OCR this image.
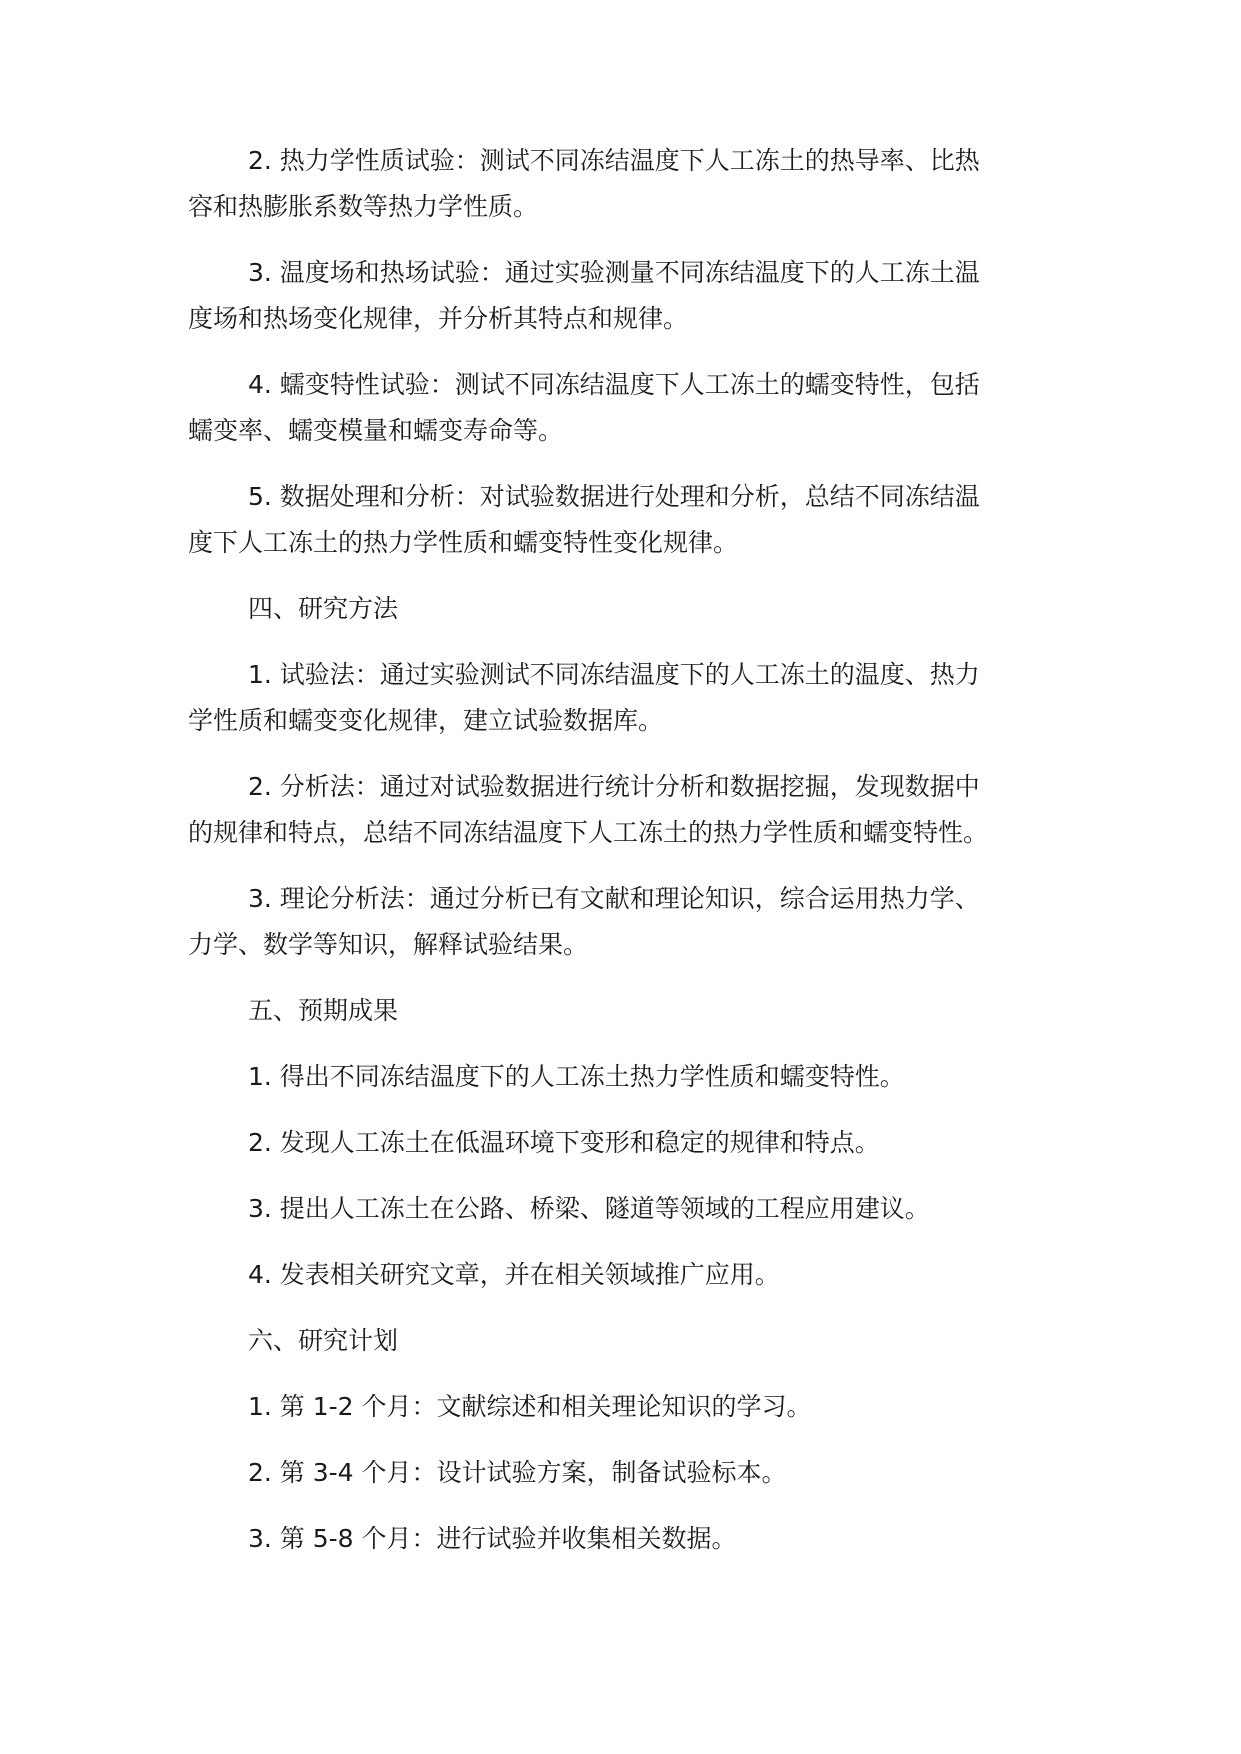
2. 热力学性质试验：测试不同冻结温度下人工冻土的热导率、比热
容和热膨胀系数等热力学性质。
3. 温度场和热场试验：通过实验测量不同冻结温度下的人工冻土温
度场和热场变化规律，并分析其特点和规律。
4. 蠕变特性试验：测试不同冻结温度下人工冻土的蠕变特性，包括
蠕变率、蠕变模量和蠕变寿命等。
5. 数据处理和分析：对试验数据进行处理和分析，总结不同冻结温
度下人工冻土的热力学性质和蠕变特性变化规律。
四、研究方法
1. 试验法：通过实验测试不同冻结温度下的人工冻土的温度、热力
学性质和蠕变变化规律，建立试验数据库。
2. 分析法：通过对试验数据进行统计分析和数据挖掘，发现数据中
的规律和特点，总结不同冻结温度下人工冻土的热力学性质和蠕变特性。
3. 理论分析法：通过分析已有文献和理论知识，综合运用热力学、
力学、数学等知识，解释试验结果。
五、预期成果
1. 得出不同冻结温度下的人工冻土热力学性质和蠕变特性。
2. 发现人工冻土在低温环境下变形和稳定的规律和特点。
3. 提出人工冻土在公路、桥梁、隧道等领域的工程应用建议。
4. 发表相关研究文章，并在相关领域推广应用。
六、研究计划
1. 第 1-2 个月：文献综述和相关理论知识的学习。
2. 第 3-4 个月：设计试验方案，制备试验标本。
3. 第 5-8 个月：进行试验并收集相关数据。
